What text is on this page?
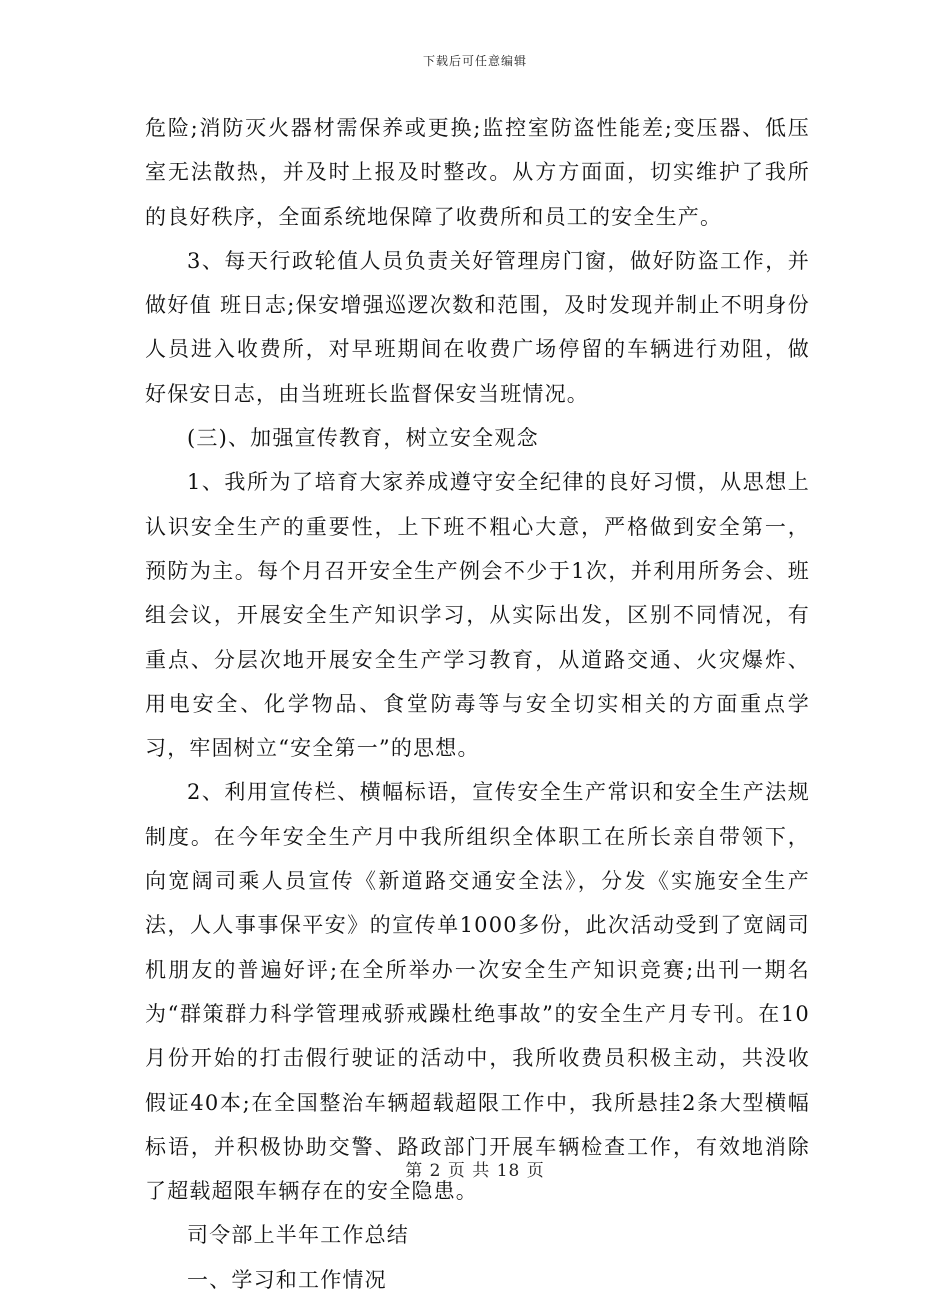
下载后可任意编辑

危险;消防灭火器材需保养或更换;监控室防盗性能差;变压器、低压室无法散热，并及时上报及时整改。从方方面面，切实维护了我所的良好秩序，全面系统地保障了收费所和员工的安全生产。

3、每天行政轮值人员负责关好管理房门窗，做好防盗工作，并做好值 班日志;保安增强巡逻次数和范围，及时发现并制止不明身份人员进入收费所，对早班期间在收费广场停留的车辆进行劝阻，做好保安日志，由当班班长监督保安当班情况。

(三)、加强宣传教育，树立安全观念

1、我所为了培育大家养成遵守安全纪律的良好习惯，从思想上认识安全生产的重要性，上下班不粗心大意，严格做到安全第一，预防为主。每个月召开安全生产例会不少于1次，并利用所务会、班组会议，开展安全生产知识学习，从实际出发，区别不同情况，有重点、分层次地开展安全生产学习教育，从道路交通、火灾爆炸、用电安全、化学物品、食堂防毒等与安全切实相关的方面重点学习，牢固树立“安全第一”的思想。

2、利用宣传栏、横幅标语，宣传安全生产常识和安全生产法规制度。在今年安全生产月中我所组织全体职工在所长亲自带领下，向宽阔司乘人员宣传《新道路交通安全法》，分发《实施安全生产法，人人事事保平安》的宣传单1000多份，此次活动受到了宽阔司机朋友的普遍好评;在全所举办一次安全生产知识竞赛;出刊一期名为“群策群力科学管理戒骄戒躁杜绝事故”的安全生产月专刊。在10月份开始的打击假行驶证的活动中，我所收费员积极主动，共没收假证40本;在全国整治车辆超载超限工作中，我所悬挂2条大型横幅标语，并积极协助交警、路政部门开展车辆检查工作，有效地消除了超载超限车辆存在的安全隐患。

司令部上半年工作总结

一、学习和工作情况

第 2 页 共 18 页
